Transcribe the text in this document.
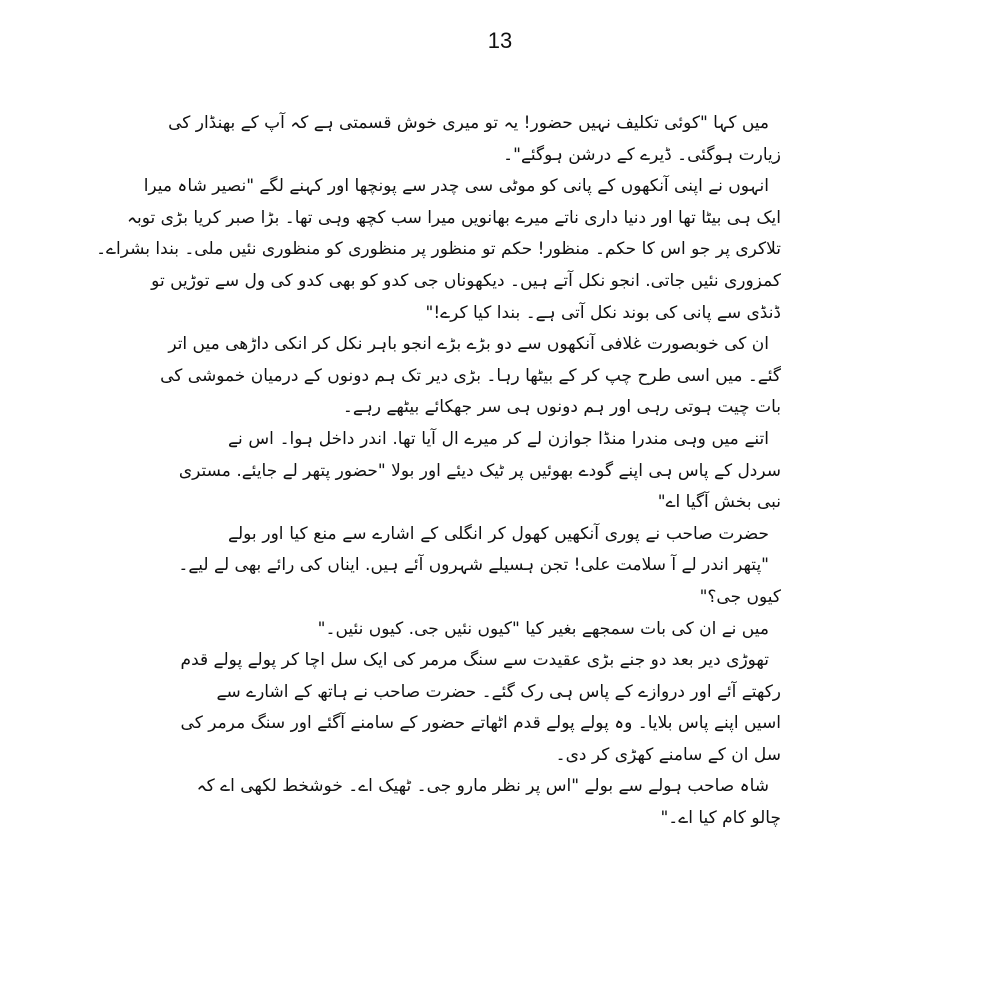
13
میں کہا "کوئی تکلیف نہیں حضور! یہ تو میری خوش قسمتی ہے کہ آپ کے بھنڈار کی
زیارت ہوگئی۔ ڈیرے کے درشن ہوگئے"۔
انہوں نے اپنی آنکھوں کے پانی کو موٹی سی چدر سے پونچھا اور کہنے لگے "نصیر شاہ میرا
ایک ہی بیٹا تھا اور دنیا داری ناتے میرے بھانویں میرا سب کچھ وہی تھا۔ بڑا صبر کریا بڑی توبہ
تلاکری پر جو اس کا حکم۔ منظور! حکم تو منظور پر منظوری کو منظوری نئیں ملی۔ بندا بشراے۔
کمزوری نئیں جاتی. انجو نکل آتے ہیں۔ دیکھوناں جی کدو کو بھی کدو کی ول سے توڑیں تو
ڈنڈی سے پانی کی بوند نکل آتی ہے۔ بندا کیا کرے!"
ان کی خوبصورت غلافی آنکھوں سے دو بڑے بڑے انجو باہر نکل کر انکی داڑھی میں اتر
گئے۔ میں اسی طرح چپ کر کے بیٹھا رہا۔ بڑی دیر تک ہم دونوں کے درمیان خموشی کی
بات چیت ہوتی رہی اور ہم دونوں ہی سر جھکائے بیٹھے رہے۔
اتنے میں وہی مندرا منڈا جوازن لے کر میرے ال آیا تھا. اندر داخل ہوا۔ اس نے
سردل کے پاس ہی اپنے گودے بھوئیں پر ٹیک دیئے اور بولا "حضور پتھر لے جایئے. مستری
نبی بخش آگیا اے"
حضرت صاحب نے پوری آنکھیں کھول کر انگلی کے اشارے سے منع کیا اور بولے
"پتھر اندر لے آ سلامت علی! تجن ہسیلے شہروں آئے ہیں. ایناں کی رائے بھی لے لیے۔
کیوں جی؟"
میں نے ان کی بات سمجھے بغیر کیا "کیوں نئیں جی. کیوں نئیں۔"
تھوڑی دیر بعد دو جنے بڑی عقیدت سے سنگ مرمر کی ایک سل اچا کر پولے پولے قدم
رکھتے آئے اور دروازے کے پاس ہی رک گئے۔ حضرت صاحب نے ہاتھ کے اشارے سے
اسیں اپنے پاس بلایا۔ وہ پولے پولے قدم اٹھاتے حضور کے سامنے آگئے اور سنگ مرمر کی
سل ان کے سامنے کھڑی کر دی۔
شاہ صاحب ہولے سے بولے "اس پر نظر مارو جی۔ ٹھیک اے۔ خوشخط لکھی اے کہ
چالو کام کیا اے۔"
